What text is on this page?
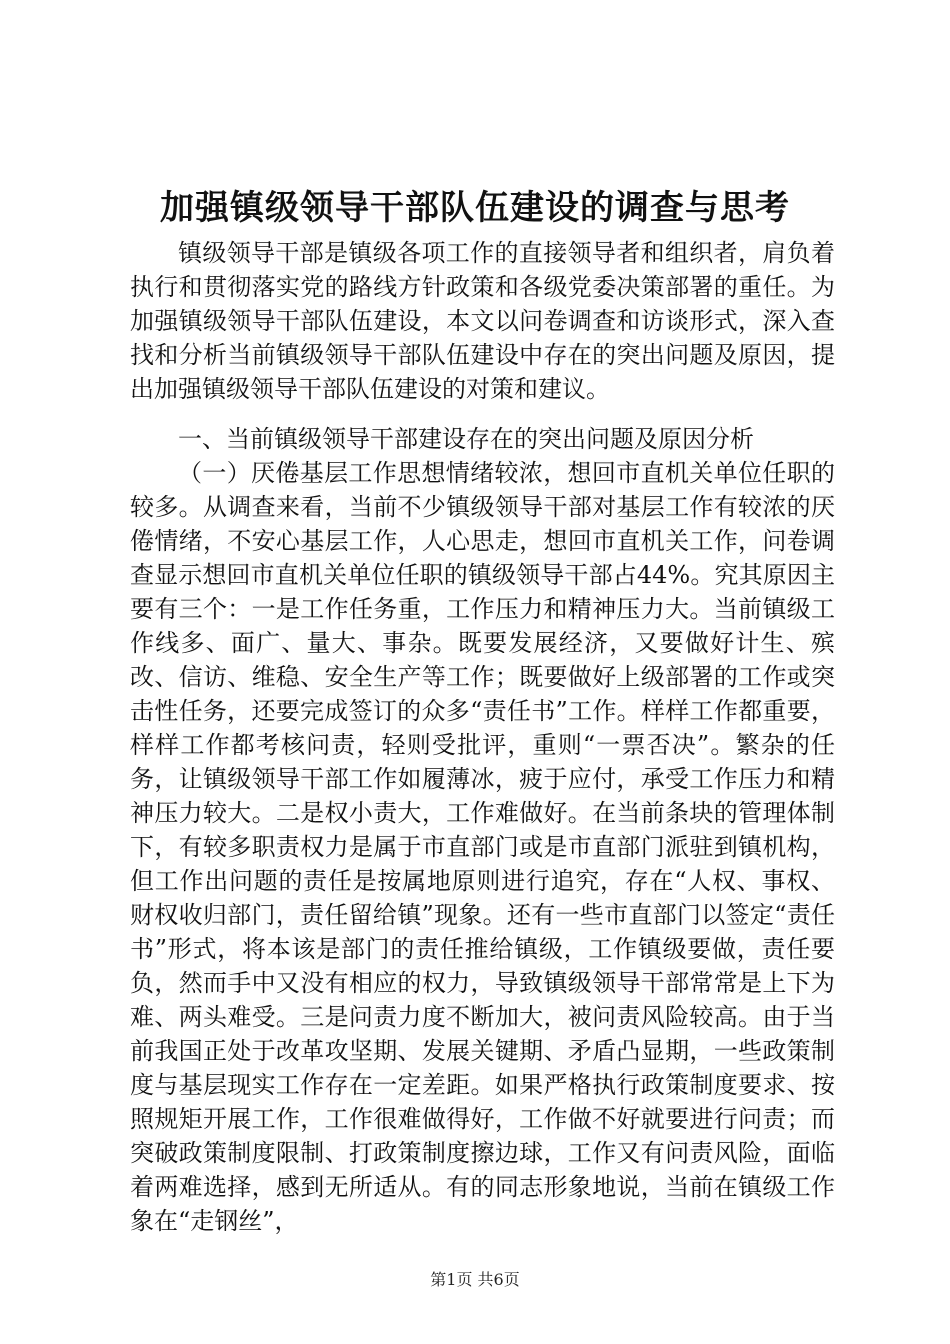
加强镇级领导干部队伍建设的调查与思考

镇级领导干部是镇级各项工作的直接领导者和组织者，肩负着执行和贯彻落实党的路线方针政策和各级党委决策部署的重任。为加强镇级领导干部队伍建设，本文以问卷调查和访谈形式，深入查找和分析当前镇级领导干部队伍建设中存在的突出问题及原因，提出加强镇级领导干部队伍建设的对策和建议。

一、当前镇级领导干部建设存在的突出问题及原因分析

（一）厌倦基层工作思想情绪较浓，想回市直机关单位任职的较多。从调查来看，当前不少镇级领导干部对基层工作有较浓的厌倦情绪，不安心基层工作，人心思走，想回市直机关工作，问卷调查显示想回市直机关单位任职的镇级领导干部占44%。究其原因主要有三个：一是工作任务重，工作压力和精神压力大。当前镇级工作线多、面广、量大、事杂。既要发展经济，又要做好计生、殡改、信访、维稳、安全生产等工作；既要做好上级部署的工作或突击性任务，还要完成签订的众多“责任书”工作。样样工作都重要，样样工作都考核问责，轻则受批评，重则“一票否决”。繁杂的任务，让镇级领导干部工作如履薄冰，疲于应付，承受工作压力和精神压力较大。二是权小责大，工作难做好。在当前条块的管理体制下，有较多职责权力是属于市直部门或是市直部门派驻到镇机构，但工作出问题的责任是按属地原则进行追究，存在“人权、事权、财权收归部门，责任留给镇”现象。还有一些市直部门以签定“责任书”形式，将本该是部门的责任推给镇级，工作镇级要做，责任要负，然而手中又没有相应的权力，导致镇级领导干部常常是上下为难、两头难受。三是问责力度不断加大，被问责风险较高。由于当前我国正处于改革攻坚期、发展关键期、矛盾凸显期，一些政策制度与基层现实工作存在一定差距。如果严格执行政策制度要求、按照规矩开展工作，工作很难做得好，工作做不好就要进行问责；而突破政策制度限制、打政策制度擦边球，工作又有问责风险，面临着两难选择，感到无所适从。有的同志形象地说，当前在镇级工作象在“走钢丝”，

第1页 共6页
